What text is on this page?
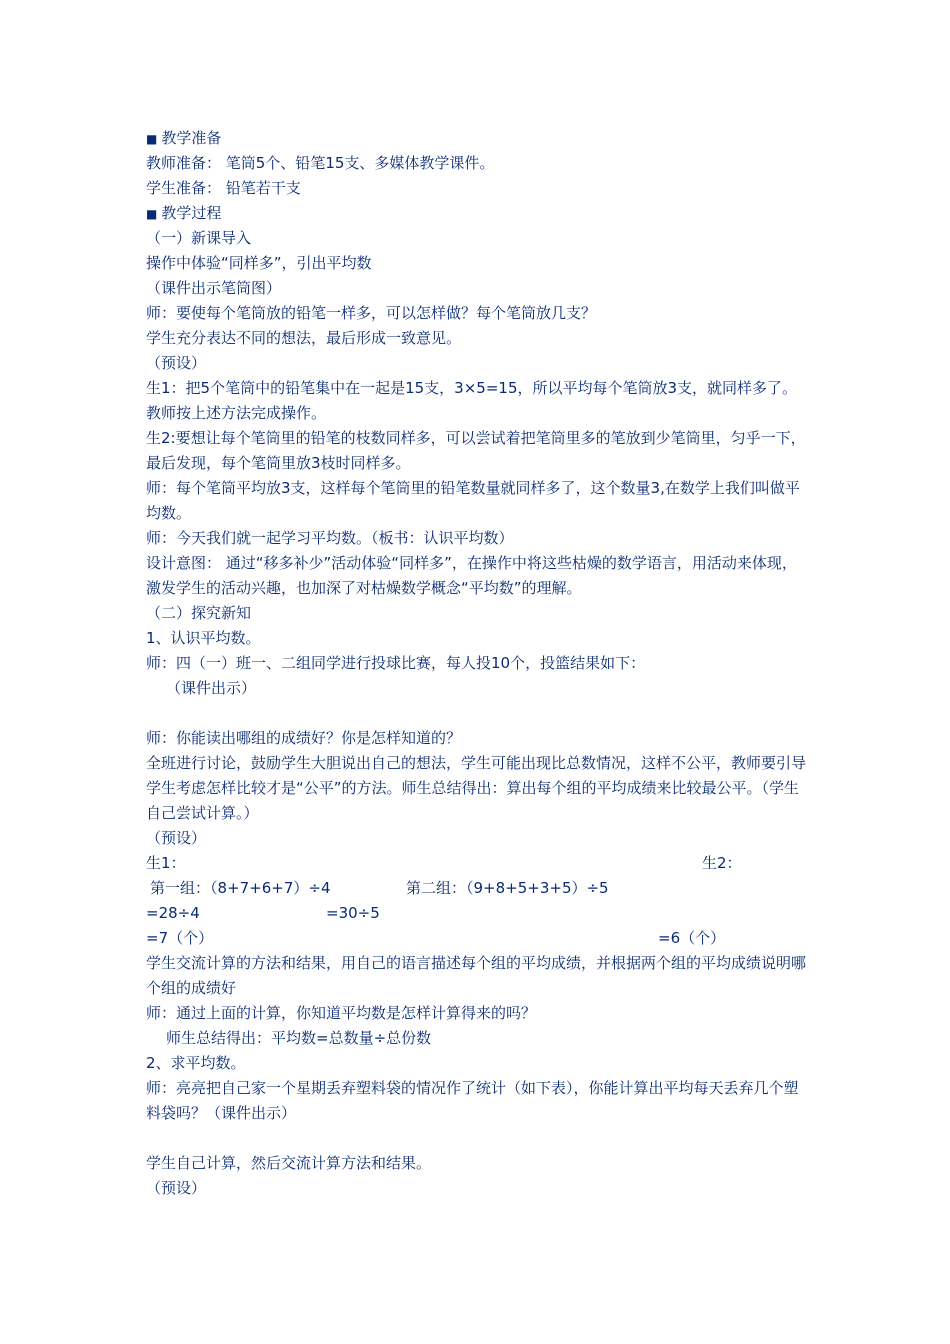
■ 教学准备
教师准备： 笔筒5个、铅笔15支、多媒体教学课件。
学生准备： 铅笔若干支
■ 教学过程
（一）新课导入
操作中体验“同样多”，引出平均数
（课件出示笔筒图）
师：要使每个笔筒放的铅笔一样多，可以怎样做？每个笔筒放几支？
学生充分表达不同的想法，最后形成一致意见。
（预设）
生1：把5个笔筒中的铅笔集中在一起是15支，3×5=15，所以平均每个笔筒放3支，就同样多了。
教师按上述方法完成操作。
生2:要想让每个笔筒里的铅笔的枝数同样多，可以尝试着把笔筒里多的笔放到少笔筒里，匀乎一下，最后发现，每个笔筒里放3枝时同样多。
师：每个笔筒平均放3支，这样每个笔筒里的铅笔数量就同样多了，这个数量3,在数学上我们叫做平均数。
师：今天我们就一起学习平均数。（板书：认识平均数）
设计意图： 通过“移多补少”活动体验“同样多”，在操作中将这些枯燥的数学语言，用活动来体现，激发学生的活动兴趣，也加深了对枯燥数学概念“平均数”的理解。
（二）探究新知
1、认识平均数。
师：四（一）班一、二组同学进行投球比赛，每人投10个，投篮结果如下：
（课件出示）
师：你能读出哪组的成绩好？你是怎样知道的？
全班进行讨论，鼓励学生大胆说出自己的想法，学生可能出现比总数情况，这样不公平，教师要引导学生考虑怎样比较才是“公平”的方法。师生总结得出：算出每个组的平均成绩来比较最公平。（学生自己尝试计算。）
（预设）
生1：	生2：
第一组：（8+7+6+7）÷4	第二组：（9+8+5+3+5）÷5
=28÷4	=30÷5
=7（个）	=6（个）
学生交流计算的方法和结果，用自己的语言描述每个组的平均成绩，并根据两个组的平均成绩说明哪个组的成绩好
师：通过上面的计算，你知道平均数是怎样计算得来的吗？
师生总结得出：平均数=总数量÷总份数
2、求平均数。
师：亮亮把自己家一个星期丢弃塑料袋的情况作了统计（如下表），你能计算出平均每天丢弃几个塑料袋吗？（课件出示）
学生自己计算，然后交流计算方法和结果。
（预设）
